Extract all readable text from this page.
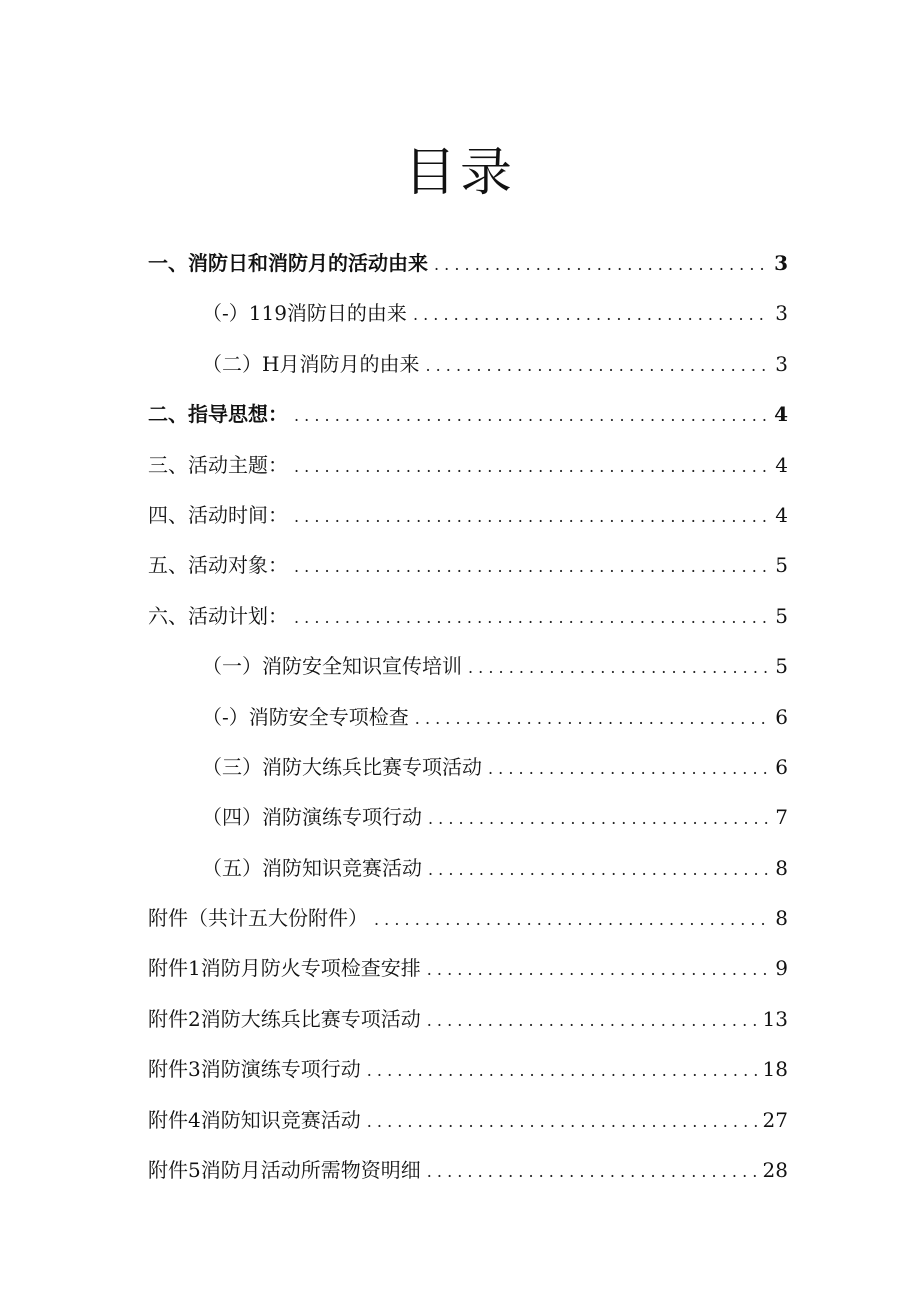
目录
一、消防日和消防月的活动由来 . . .	3
（-）119消防日的由来 . . .	3
（二）H月消防月的由来 . . .	3
二、指导思想： . . .	4
三、活动主题： . . .	4
四、活动时间： . . .	4
五、活动对象： . . .	5
六、活动计划： . . .	5
（一）消防安全知识宣传培训 . . .	5
（-）消防安全专项检查 . . .	6
（三）消防大练兵比赛专项活动 . . .	6
（四）消防演练专项行动 . . .	7
（五）消防知识竞赛活动 . . .	8
附件（共计五大份附件） . . .	8
附件1消防月防火专项检查安排 . . .	9
附件2消防大练兵比赛专项活动 . . .	13
附件3消防演练专项行动 . . .	18
附件4消防知识竞赛活动 . . .	27
附件5消防月活动所需物资明细 . . .	28
